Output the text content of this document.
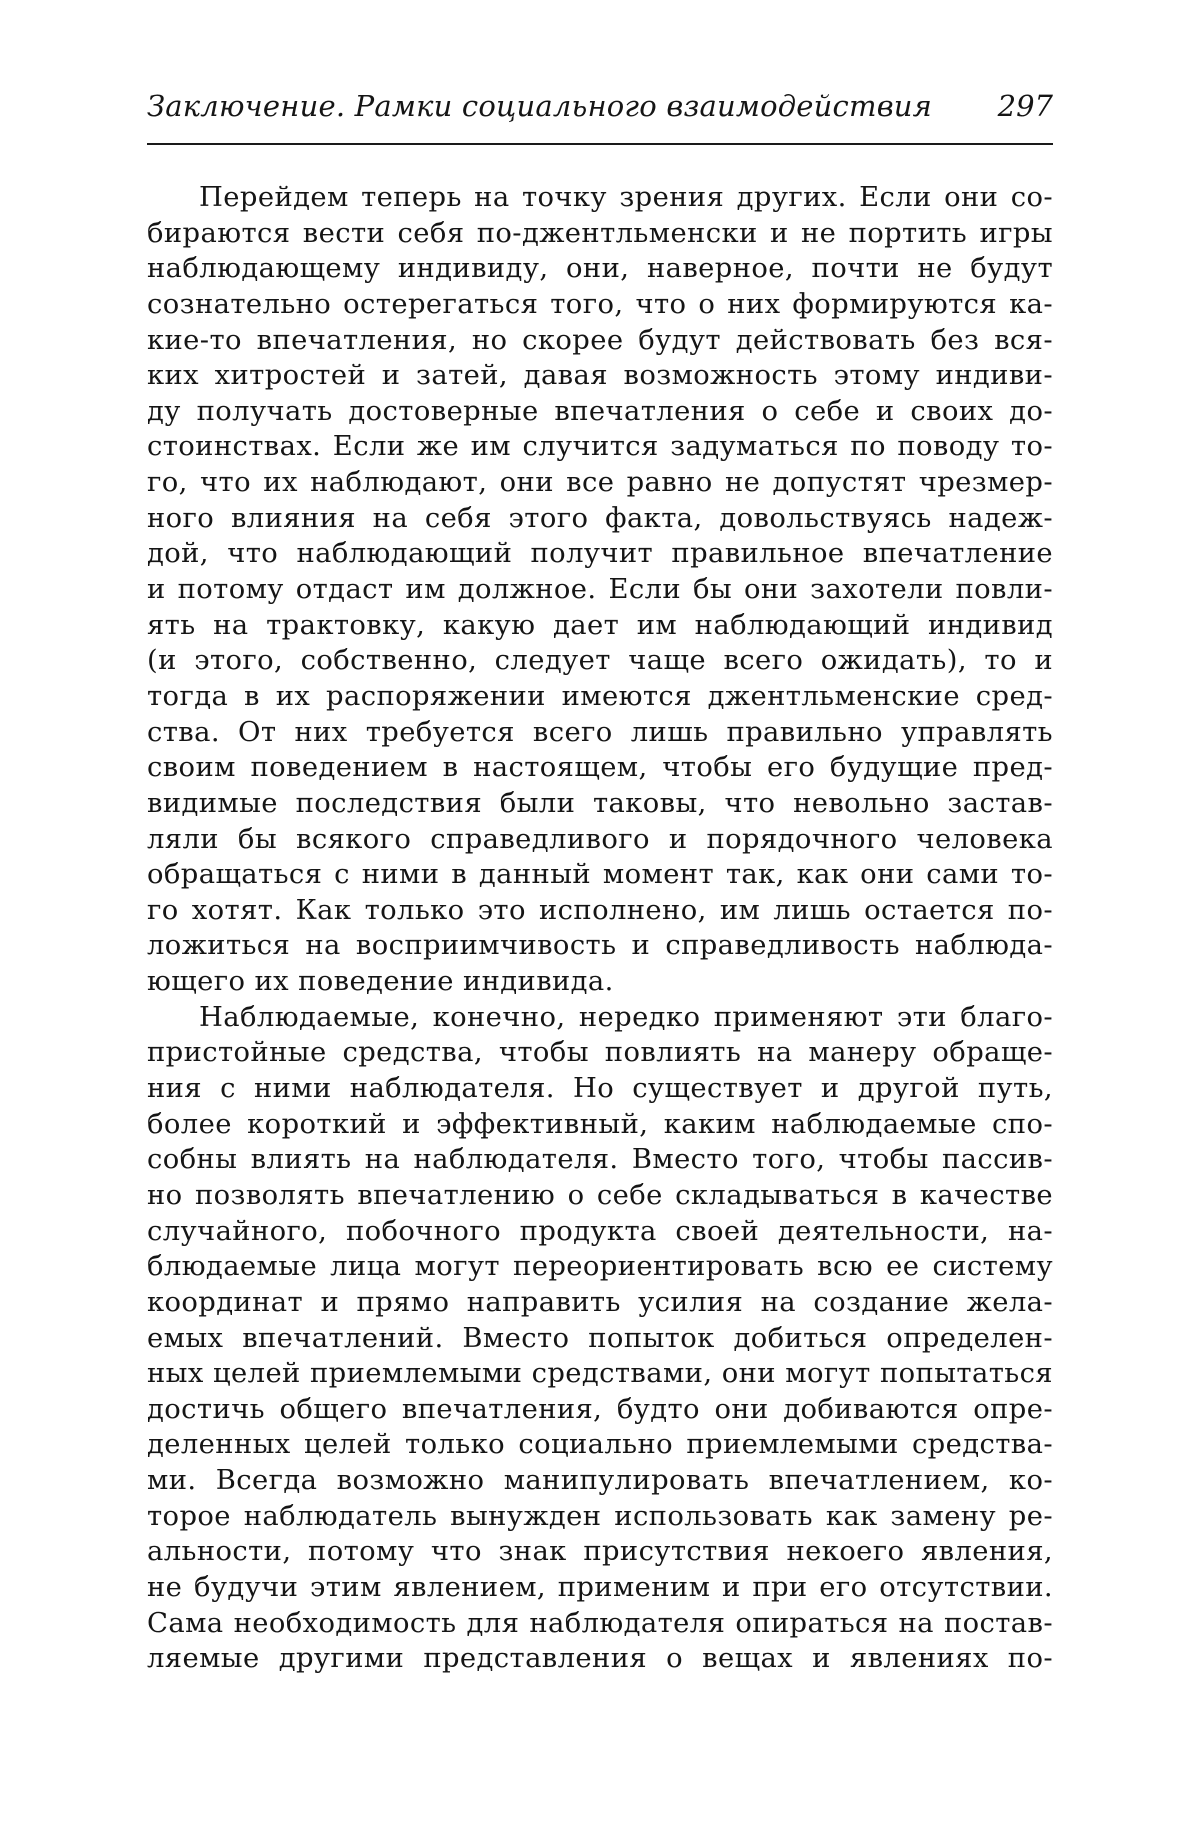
Заключение. Рамки социального взаимодействия 297
Перейдем теперь на точку зрения других. Если они со-
бираются вести себя по-джентльменски и не портить игры
наблюдающему индивиду, они, наверное, почти не будут
сознательно остерегаться того, что о них формируются ка-
кие-то впечатления, но скорее будут действовать без вся-
ких хитростей и затей, давая возможность этому индиви-
ду получать достоверные впечатления о себе и своих до-
стоинствах. Если же им случится задуматься по поводу то-
го, что их наблюдают, они все равно не допустят чрезмер-
ного влияния на себя этого факта, довольствуясь надеж-
дой, что наблюдающий получит правильное впечатление
и потому отдаст им должное. Если бы они захотели повли-
ять на трактовку, какую дает им наблюдающий индивид
(и этого, собственно, следует чаще всего ожидать), то и
тогда в их распоряжении имеются джентльменские сред-
ства. От них требуется всего лишь правильно управлять
своим поведением в настоящем, чтобы его будущие пред-
видимые последствия были таковы, что невольно застав-
ляли бы всякого справедливого и порядочного человека
обращаться с ними в данный момент так, как они сами то-
го хотят. Как только это исполнено, им лишь остается по-
ложиться на восприимчивость и справедливость наблюда-
ющего их поведение индивида.
Наблюдаемые, конечно, нередко применяют эти благо-
пристойные средства, чтобы повлиять на манеру обраще-
ния с ними наблюдателя. Но существует и другой путь,
более короткий и эффективный, каким наблюдаемые спо-
собны влиять на наблюдателя. Вместо того, чтобы пассив-
но позволять впечатлению о себе складываться в качестве
случайного, побочного продукта своей деятельности, на-
блюдаемые лица могут переориентировать всю ее систему
координат и прямо направить усилия на создание жела-
емых впечатлений. Вместо попыток добиться определен-
ных целей приемлемыми средствами, они могут попытаться
достичь общего впечатления, будто они добиваются опре-
деленных целей только социально приемлемыми средства-
ми. Всегда возможно манипулировать впечатлением, ко-
торое наблюдатель вынужден использовать как замену ре-
альности, потому что знак присутствия некоего явления,
не будучи этим явлением, применим и при его отсутствии.
Сама необходимость для наблюдателя опираться на постав-
ляемые другими представления о вещах и явлениях по-
